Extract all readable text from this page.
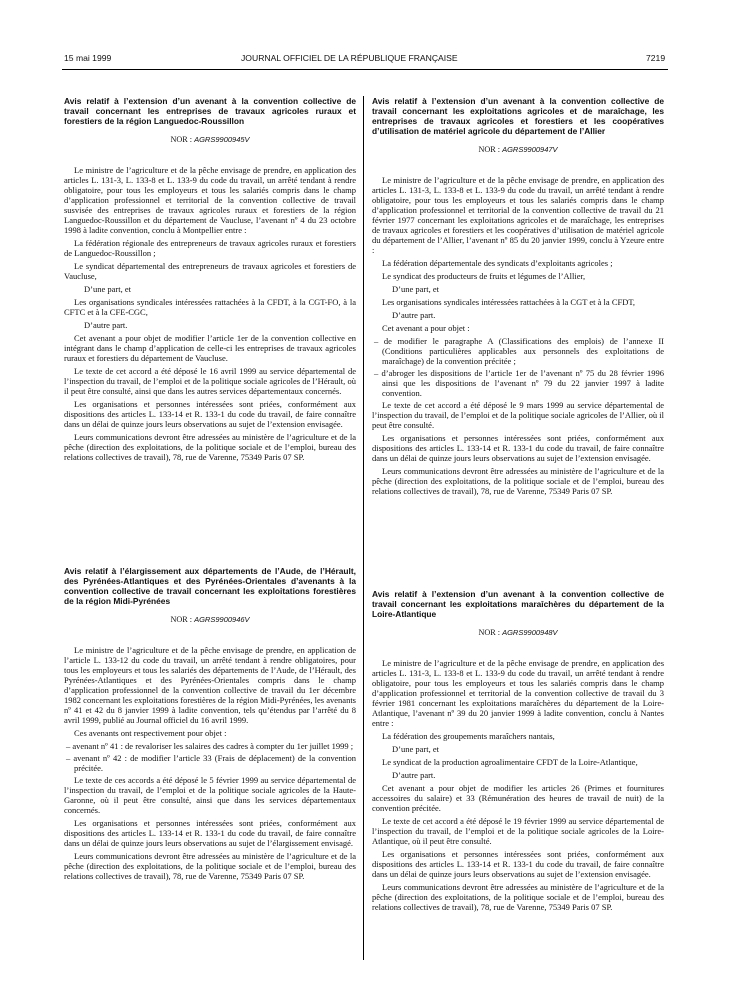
15 mai 1999	JOURNAL OFFICIEL DE LA RÉPUBLIQUE FRANÇAISE	7219
Avis relatif à l’extension d’un avenant à la convention collective de travail concernant les entreprises de travaux agricoles ruraux et forestiers de la région Languedoc-Roussillon
NOR : AGRS9900945V

Le ministre de l’agriculture et de la pêche envisage de prendre, en application des articles L. 131-3, L. 133-8 et L. 133-9 du code du travail, un arrêté tendant à rendre obligatoire, pour tous les employeurs et tous les salariés compris dans le champ d’application professionnel et territorial de la convention collective de travail susvisée des entreprises de travaux agricoles ruraux et forestiers de la région Languedoc-Roussillon et du département de Vaucluse, l’avenant nº 4 du 23 octobre 1998 à ladite convention, conclu à Montpellier entre :

La fédération régionale des entrepreneurs de travaux agricoles ruraux et forestiers de Languedoc-Roussillon ;

Le syndicat départemental des entrepreneurs de travaux agricoles et forestiers de Vaucluse,

D’une part, et

Les organisations syndicales intéressées rattachées à la CFDT, à la CGT-FO, à la CFTC et à la CFE-CGC,

D’autre part.

Cet avenant a pour objet de modifier l’article 1er de la convention collective en intégrant dans le champ d’application de celle-ci les entreprises de travaux agricoles ruraux et forestiers du département de Vaucluse.

Le texte de cet accord a été déposé le 16 avril 1999 au service départemental de l’inspection du travail, de l’emploi et de la politique sociale agricoles de l’Hérault, où il peut être consulté, ainsi que dans les autres services départementaux concernés.

Les organisations et personnes intéressées sont priées, conformément aux dispositions des articles L. 133-14 et R. 133-1 du code du travail, de faire connaître dans un délai de quinze jours leurs observations au sujet de l’extension envisagée.

Leurs communications devront être adressées au ministère de l’agriculture et de la pêche (direction des exploitations, de la politique sociale et de l’emploi, bureau des relations collectives de travail), 78, rue de Varenne, 75349 Paris 07 SP.

Avis relatif à l’élargissement aux départements de l’Aude, de l’Hérault, des Pyrénées-Atlantiques et des Pyrénées-Orientales d’avenants à la convention collective de travail concernant les exploitations forestières de la région Midi-Pyrénées
NOR : AGRS9900946V

Le ministre de l’agriculture et de la pêche envisage de prendre, en application de l’article L. 133-12 du code du travail, un arrêté tendant à rendre obligatoires, pour tous les employeurs et tous les salariés des départements de l’Aude, de l’Hérault, des Pyrénées-Atlantiques et des Pyrénées-Orientales compris dans le champ d’application professionnel de la convention collective de travail du 1er décembre 1982 concernant les exploitations forestières de la région Midi-Pyrénées, les avenants nº 41 et 42 du 8 janvier 1999 à ladite convention, tels qu’étendus par l’arrêté du 8 avril 1999, publié au Journal officiel du 16 avril 1999.

Ces avenants ont respectivement pour objet :

– avenant nº 41 : de revaloriser les salaires des cadres à compter du 1er juillet 1999 ;
– avenant nº 42 : de modifier l’article 33 (Frais de déplacement) de la convention précitée.

Le texte de ces accords a été déposé le 5 février 1999 au service départemental de l’inspection du travail, de l’emploi et de la politique sociale agricoles de la Haute-Garonne, où il peut être consulté, ainsi que dans les services départementaux concernés.

Les organisations et personnes intéressées sont priées, conformément aux dispositions des articles L. 133-14 et R. 133-1 du code du travail, de faire connaître dans un délai de quinze jours leurs observations au sujet de l’élargissement envisagé.

Leurs communications devront être adressées au ministère de l’agriculture et de la pêche (direction des exploitations, de la politique sociale et de l’emploi, bureau des relations collectives de travail), 78, rue de Varenne, 75349 Paris 07 SP.

Avis relatif à l’extension d’un avenant à la convention collective de travail concernant les exploitations agricoles et de maraîchage, les entreprises de travaux agricoles et forestiers et les coopératives d’utilisation de matériel agricole du département de l’Allier
NOR : AGRS9900947V

Le ministre de l’agriculture et de la pêche envisage de prendre, en application des articles L. 131-3, L. 133-8 et L. 133-9 du code du travail, un arrêté tendant à rendre obligatoire, pour tous les employeurs et tous les salariés compris dans le champ d’application professionnel et territorial de la convention collective de travail du 21 février 1977 concernant les exploitations agricoles et de maraîchage, les entreprises de travaux agricoles et forestiers et les coopératives d’utilisation de matériel agricole du département de l’Allier, l’avenant nº 85 du 20 janvier 1999, conclu à Yzeure entre :

La fédération départementale des syndicats d’exploitants agricoles ;

Le syndicat des producteurs de fruits et légumes de l’Allier,

D’une part, et

Les organisations syndicales intéressées rattachées à la CGT et à la CFDT,

D’autre part.

Cet avenant a pour objet :

– de modifier le paragraphe A (Classifications des emplois) de l’annexe II (Conditions particulières applicables aux personnels des exploitations de maraîchage) de la convention précitée ;
– d’abroger les dispositions de l’article 1er de l’avenant nº 75 du 28 février 1996 ainsi que les dispositions de l’avenant nº 79 du 22 janvier 1997 à ladite convention.

Le texte de cet accord a été déposé le 9 mars 1999 au service départemental de l’inspection du travail, de l’emploi et de la politique sociale agricoles de l’Allier, où il peut être consulté.

Les organisations et personnes intéressées sont priées, conformément aux dispositions des articles L. 133-14 et R. 133-1 du code du travail, de faire connaître dans un délai de quinze jours leurs observations au sujet de l’extension envisagée.

Leurs communications devront être adressées au ministère de l’agriculture et de la pêche (direction des exploitations, de la politique sociale et de l’emploi, bureau des relations collectives de travail), 78, rue de Varenne, 75349 Paris 07 SP.

Avis relatif à l’extension d’un avenant à la convention collective de travail concernant les exploitations maraîchères du département de la Loire-Atlantique
NOR : AGRS9900948V

Le ministre de l’agriculture et de la pêche envisage de prendre, en application des articles L. 131-3, L. 133-8 et L. 133-9 du code du travail, un arrêté tendant à rendre obligatoire, pour tous les employeurs et tous les salariés compris dans le champ d’application professionnel et territorial de la convention collective de travail du 3 février 1981 concernant les exploitations maraîchères du département de la Loire-Atlantique, l’avenant nº 39 du 20 janvier 1999 à ladite convention, conclu à Nantes entre :

La fédération des groupements maraîchers nantais,

D’une part, et

Le syndicat de la production agroalimentaire CFDT de la Loire-Atlantique,

D’autre part.

Cet avenant a pour objet de modifier les articles 26 (Primes et fournitures accessoires du salaire) et 33 (Rémunération des heures de travail de nuit) de la convention précitée.

Le texte de cet accord a été déposé le 19 février 1999 au service départemental de l’inspection du travail, de l’emploi et de la politique sociale agricoles de la Loire-Atlantique, où il peut être consulté.

Les organisations et personnes intéressées sont priées, conformément aux dispositions des articles L. 133-14 et R. 133-1 du code du travail, de faire connaître dans un délai de quinze jours leurs observations au sujet de l’extension envisagée.

Leurs communications devront être adressées au ministère de l’agriculture et de la pêche (direction des exploitations, de la politique sociale et de l’emploi, bureau des relations collectives de travail), 78, rue de Varenne, 75349 Paris 07 SP.
